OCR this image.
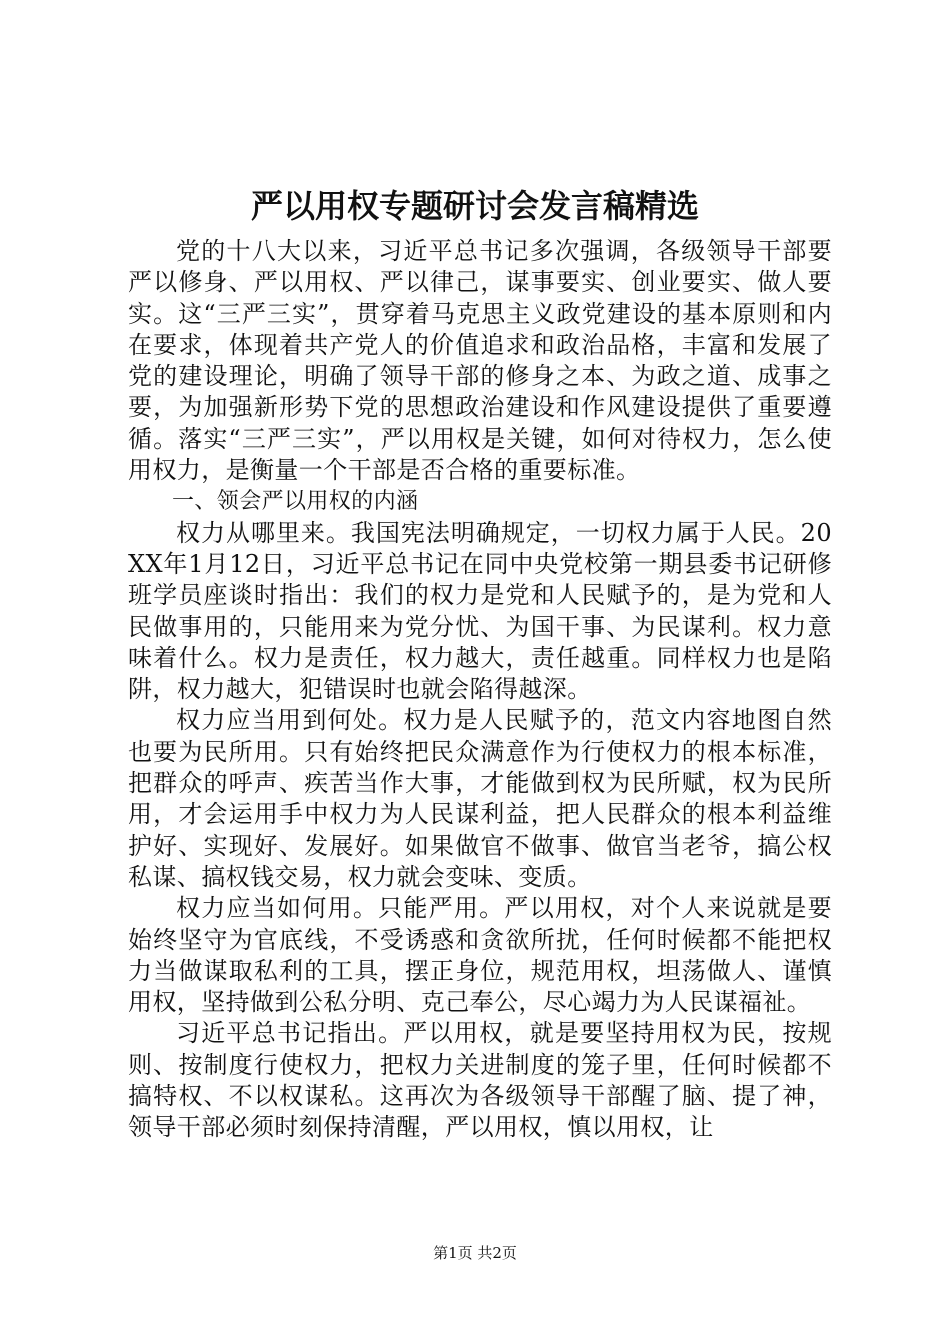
严以用权专题研讨会发言稿精选

党的十八大以来，习近平总书记多次强调，各级领导干部要严以修身、严以用权、严以律己，谋事要实、创业要实、做人要实。这“三严三实”，贯穿着马克思主义政党建设的基本原则和内在要求，体现着共产党人的价值追求和政治品格，丰富和发展了党的建设理论，明确了领导干部的修身之本、为政之道、成事之要，为加强新形势下党的思想政治建设和作风建设提供了重要遵循。落实“三严三实”，严以用权是关键，如何对待权力，怎么使用权力，是衡量一个干部是否合格的重要标准。

一、领会严以用权的内涵

权力从哪里来。我国宪法明确规定，一切权力属于人民。20XX年1月12日，习近平总书记在同中央党校第一期县委书记研修班学员座谈时指出：我们的权力是党和人民赋予的，是为党和人民做事用的，只能用来为党分忧、为国干事、为民谋利。权力意味着什么。权力是责任，权力越大，责任越重。同样权力也是陷阱，权力越大，犯错误时也就会陷得越深。

权力应当用到何处。权力是人民赋予的，范文内容地图自然也要为民所用。只有始终把民众满意作为行使权力的根本标准，把群众的呼声、疾苦当作大事，才能做到权为民所赋，权为民所用，才会运用手中权力为人民谋利益，把人民群众的根本利益维护好、实现好、发展好。如果做官不做事、做官当老爷，搞公权私谋、搞权钱交易，权力就会变味、变质。

权力应当如何用。只能严用。严以用权，对个人来说就是要始终坚守为官底线，不受诱惑和贪欲所扰，任何时候都不能把权力当做谋取私利的工具，摆正身位，规范用权，坦荡做人、谨慎用权，坚持做到公私分明、克己奉公，尽心竭力为人民谋福祉。

习近平总书记指出。严以用权，就是要坚持用权为民，按规则、按制度行使权力，把权力关进制度的笼子里，任何时候都不搞特权、不以权谋私。这再次为各级领导干部醒了脑、提了神，领导干部必须时刻保持清醒，严以用权，慎以用权，让

第1页 共2页
